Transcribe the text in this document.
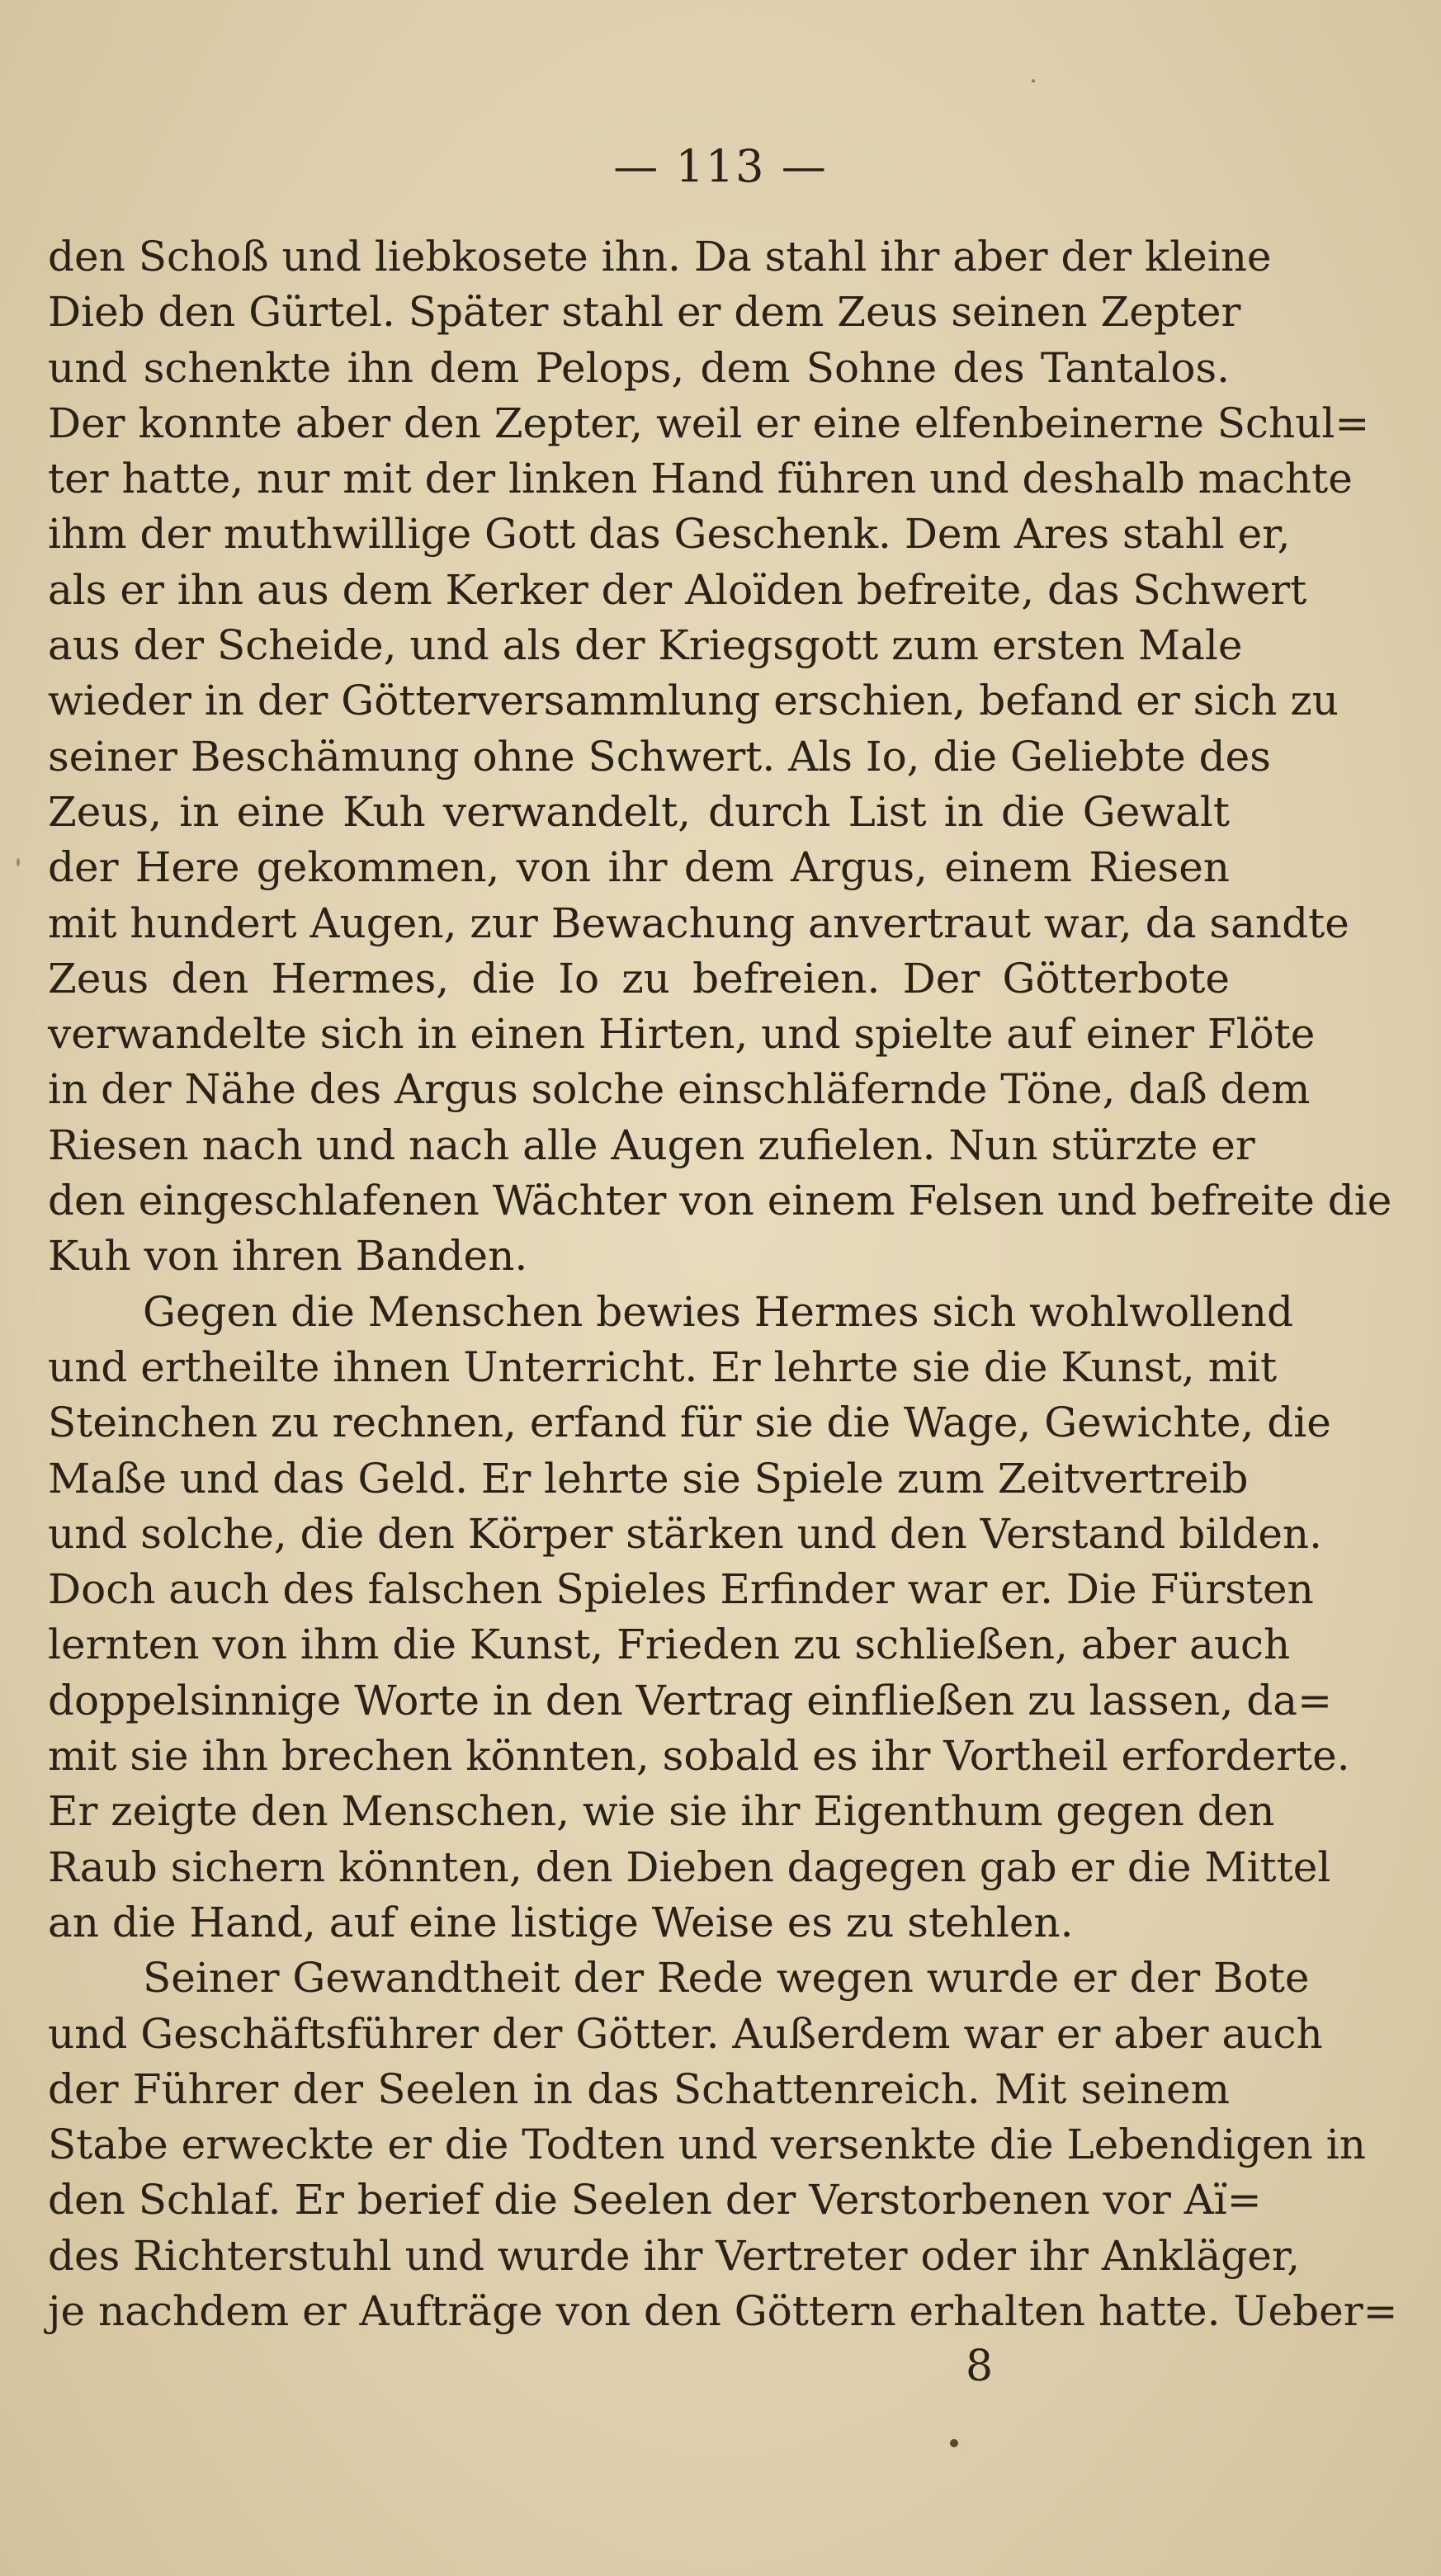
— 113 —
den Schoß und liebkosete ihn. Da stahl ihr aber der kleine
Dieb den Gürtel. Später stahl er dem Zeus seinen Zepter
und schenkte ihn dem Pelops, dem Sohne des Tantalos.
Der konnte aber den Zepter, weil er eine elfenbeinerne Schul=
ter hatte, nur mit der linken Hand führen und deshalb machte
ihm der muthwillige Gott das Geschenk. Dem Ares stahl er,
als er ihn aus dem Kerker der Aloïden befreite, das Schwert
aus der Scheide, und als der Kriegsgott zum ersten Male
wieder in der Götterversammlung erschien, befand er sich zu
seiner Beschämung ohne Schwert. Als Io, die Geliebte des
Zeus, in eine Kuh verwandelt, durch List in die Gewalt
der Here gekommen, von ihr dem Argus, einem Riesen
mit hundert Augen, zur Bewachung anvertraut war, da sandte
Zeus den Hermes, die Io zu befreien. Der Götterbote
verwandelte sich in einen Hirten, und spielte auf einer Flöte
in der Nähe des Argus solche einschläfernde Töne, daß dem
Riesen nach und nach alle Augen zufielen. Nun stürzte er
den eingeschlafenen Wächter von einem Felsen und befreite die
Kuh von ihren Banden.
Gegen die Menschen bewies Hermes sich wohlwollend
und ertheilte ihnen Unterricht. Er lehrte sie die Kunst, mit
Steinchen zu rechnen, erfand für sie die Wage, Gewichte, die
Maße und das Geld. Er lehrte sie Spiele zum Zeitvertreib
und solche, die den Körper stärken und den Verstand bilden.
Doch auch des falschen Spieles Erfinder war er. Die Fürsten
lernten von ihm die Kunst, Frieden zu schließen, aber auch
doppelsinnige Worte in den Vertrag einfließen zu lassen, da=
mit sie ihn brechen könnten, sobald es ihr Vortheil erforderte.
Er zeigte den Menschen, wie sie ihr Eigenthum gegen den
Raub sichern könnten, den Dieben dagegen gab er die Mittel
an die Hand, auf eine listige Weise es zu stehlen.
Seiner Gewandtheit der Rede wegen wurde er der Bote
und Geschäftsführer der Götter. Außerdem war er aber auch
der Führer der Seelen in das Schattenreich. Mit seinem
Stabe erweckte er die Todten und versenkte die Lebendigen in
den Schlaf. Er berief die Seelen der Verstorbenen vor Aï=
des Richterstuhl und wurde ihr Vertreter oder ihr Ankläger,
je nachdem er Aufträge von den Göttern erhalten hatte. Ueber=
8
